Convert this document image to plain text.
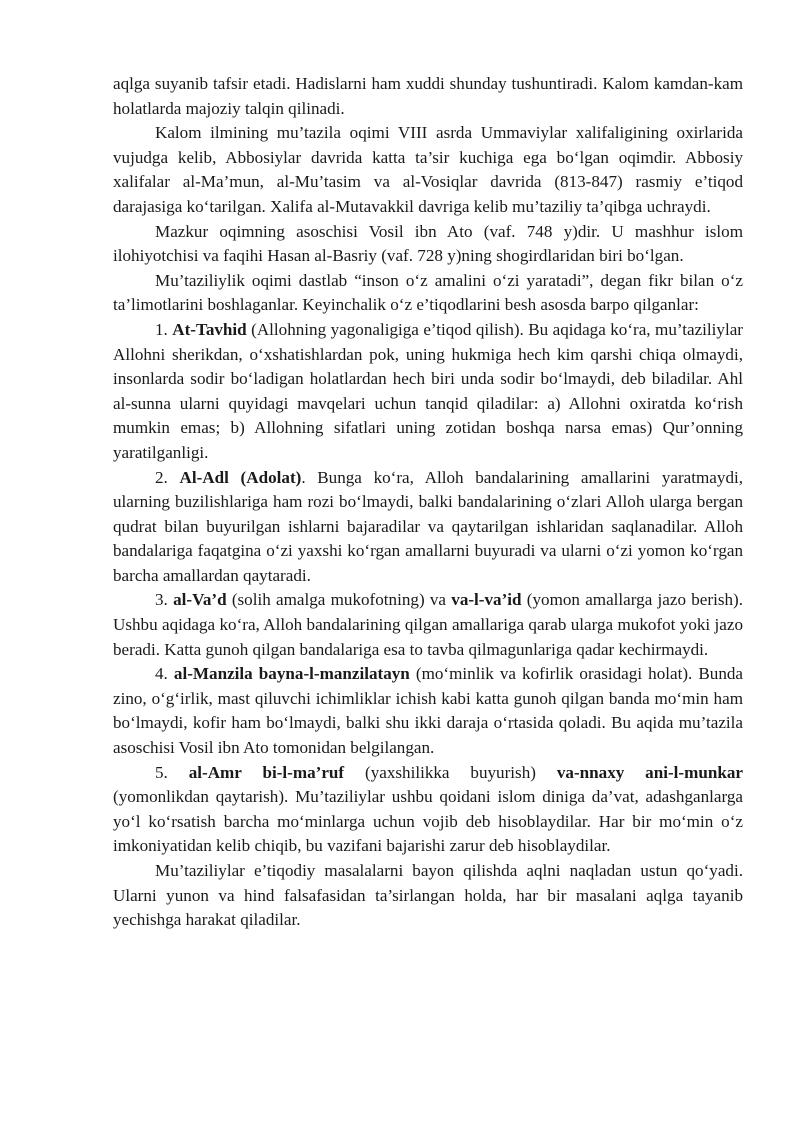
aqlga suyanib tafsir etadi. Hadislarni ham xuddi shunday tushuntiradi. Kalom kamdan-kam holatlarda majoziy talqin qilinadi.

Kalom ilmining mu’tazila oqimi VIII asrda Ummaviylar xalifaligining oxirlarida vujudga kelib, Abbosiylar davrida katta ta’sir kuchiga ega bo‘lgan oqimdir. Abbosiy xalifalar al-Ma’mun, al-Mu’tasim va al-Vosiqlar davrida (813-847) rasmiy e’tiqod darajasiga ko‘tarilgan. Xalifa al-Mutavakkil davriga kelib mu’taziliy ta’qibga uchraydi.

Mazkur oqimning asoschisi Vosil ibn Ato (vaf. 748 y)dir. U mashhur islom ilohiyotchisi va faqihi Hasan al-Basriy (vaf. 728 y)ning shogirdlaridan biri bo‘lgan.

Mu’taziliylik oqimi dastlab “inson o‘z amalini o‘zi yaratadi”, degan fikr bilan o‘z ta’limotlarini boshlaganlar. Keyinchalik o‘z e’tiqodlarini besh asosda barpo qilganlar:

1. At-Tavhid (Allohning yagonaligiga e’tiqod qilish). Bu aqidaga ko‘ra, mu’taziliylar Allohni sherikdan, o‘xshatishlardan pok, uning hukmiga hech kim qarshi chiqa olmaydi, insonlarda sodir bo‘ladigan holatlardan hech biri unda sodir bo‘lmaydi, deb biladilar. Ahl al-sunna ularni quyidagi mavqelari uchun tanqid qiladilar: a) Allohni oxiratda ko‘rish mumkin emas; b) Allohning sifatlari uning zotidan boshqa narsa emas) Qur’onning yaratilganligi.

2. Al-Adl (Adolat). Bunga ko‘ra, Alloh bandalarining amallarini yaratmaydi, ularning buzilishlariga ham rozi bo‘lmaydi, balki bandalarining o‘zlari Alloh ularga bergan qudrat bilan buyurilgan ishlarni bajaradilar va qaytarilgan ishlaridan saqlanadilar. Alloh bandalariga faqatgina o‘zi yaxshi ko‘rgan amallarni buyuradi va ularni o‘zi yomon ko‘rgan barcha amallardan qaytaradi.

3. al-Va’d (solih amalga mukofotning) va va-l-va’id (yomon amallarga jazo berish). Ushbu aqidaga ko‘ra, Alloh bandalarining qilgan amallariga qarab ularga mukofot yoki jazo beradi. Katta gunoh qilgan bandalariga esa to tavba qilmagunlariga qadar kechirmaydi.

4. al-Manzila bayna-l-manzilatayn (mo‘minlik va kofirlik orasidagi holat). Bunda zino, o‘g‘irlik, mast qiluvchi ichimliklar ichish kabi katta gunoh qilgan banda mo‘min ham bo‘lmaydi, kofir ham bo‘lmaydi, balki shu ikki daraja o‘rtasida qoladi. Bu aqida mu’tazila asoschisi Vosil ibn Ato tomonidan belgilangan.

5. al-Amr bi-l-ma’ruf (yaxshilikka buyurish) va-nnaxy ani-l-munkar (yomonlikdan qaytarish). Mu’taziliylar ushbu qoidani islom diniga da’vat, adashganlarga yo‘l ko‘rsatish barcha mo‘minlarga uchun vojib deb hisoblaydilar. Har bir mo‘min o‘z imkoniyatidan kelib chiqib, bu vazifani bajarishi zarur deb hisoblaydilar.

Mu’taziliylar e’tiqodiy masalalarni bayon qilishda aqlni naqladan ustun qo‘yadi. Ularni yunon va hind falsafasidan ta’sirlangan holda, har bir masalani aqlga tayanib yechishga harakat qiladilar.
